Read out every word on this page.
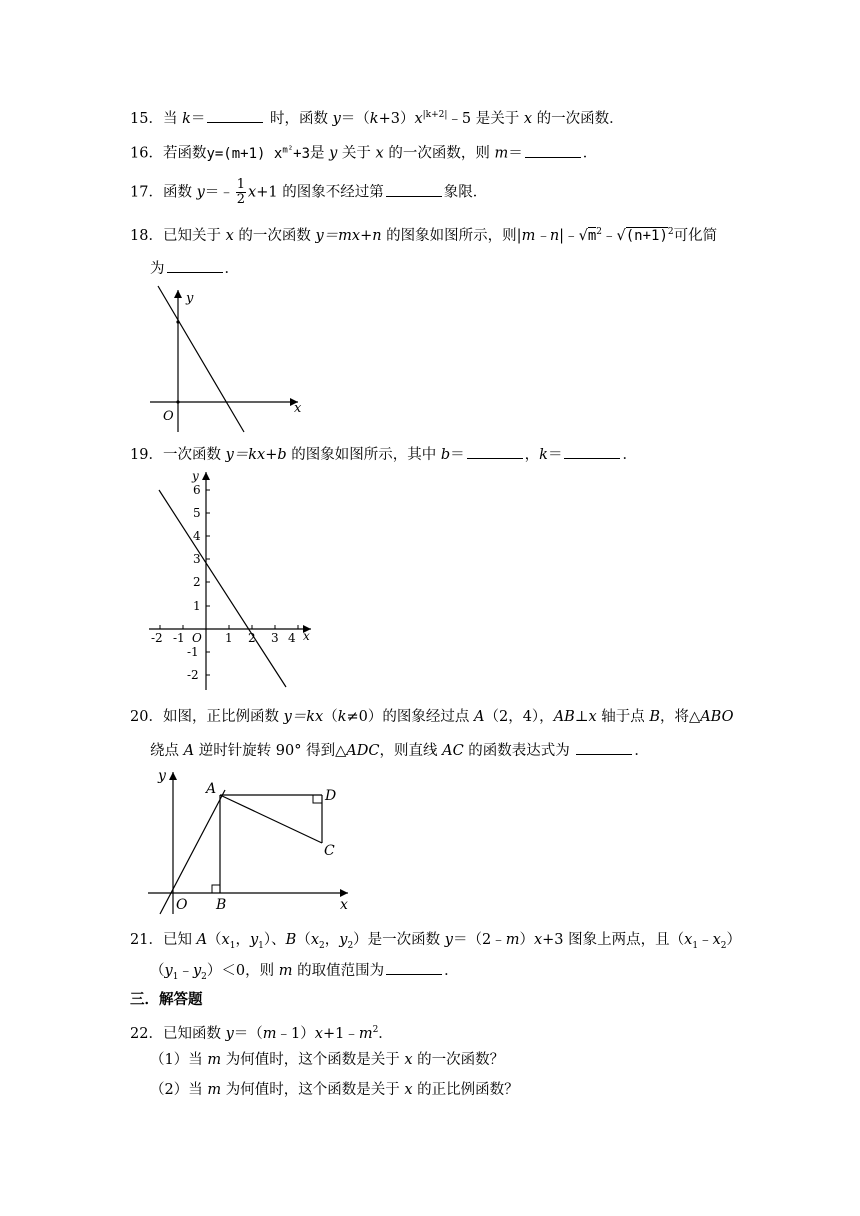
15．当 k＝	时，函数 $y=(k+3)x^{|k+2|}﹣5$ 是关于 x 的一次函数．
16．若函数y=(m+1) $x^{m^2}+3$是 y 关于 x 的一次函数，则 m＝	．
17．函数 y＝﹣ $\frac{1}{2} x+1$ 的图象不经过第	象限．
18．已知关于 x 的一次函数 y＝mx+n 的图象如图所示，则$|m﹣n|﹣√m^2﹣√(n+1)^2$可化简
为	．
y
x
O
19．一次函数 y＝kx+b 的图象如图所示，其中 b＝	，k＝	．
y
x
O
6
5
4
3
2
1
-1
-2
-2 -1	1 2 3 4
20．如图，正比例函数 y＝kx（k≠0）的图象经过点 A（2，4），AB⊥x 轴于点 B，将△ABO
绕点 A 逆时针旋转 90° 得到△ADC，则直线 AC 的函数表达式为	．
y
x
O
A
B
C
D
21．已知 $A(x_1$，$y_1$）、$B(x_2$，$y_2$）是一次函数 y＝（2﹣m）x+3 图象上两点，且$(x_1﹣x_2)$
$(y_1﹣y_2)<0$，则 m 的取值范围为	．
三．解答题
22．已知函数 $y=(m﹣1)x+1﹣m^2$．
（1）当 m 为何值时，这个函数是关于 x 的一次函数？
（2）当 m 为何值时，这个函数是关于 x 的正比例函数？
